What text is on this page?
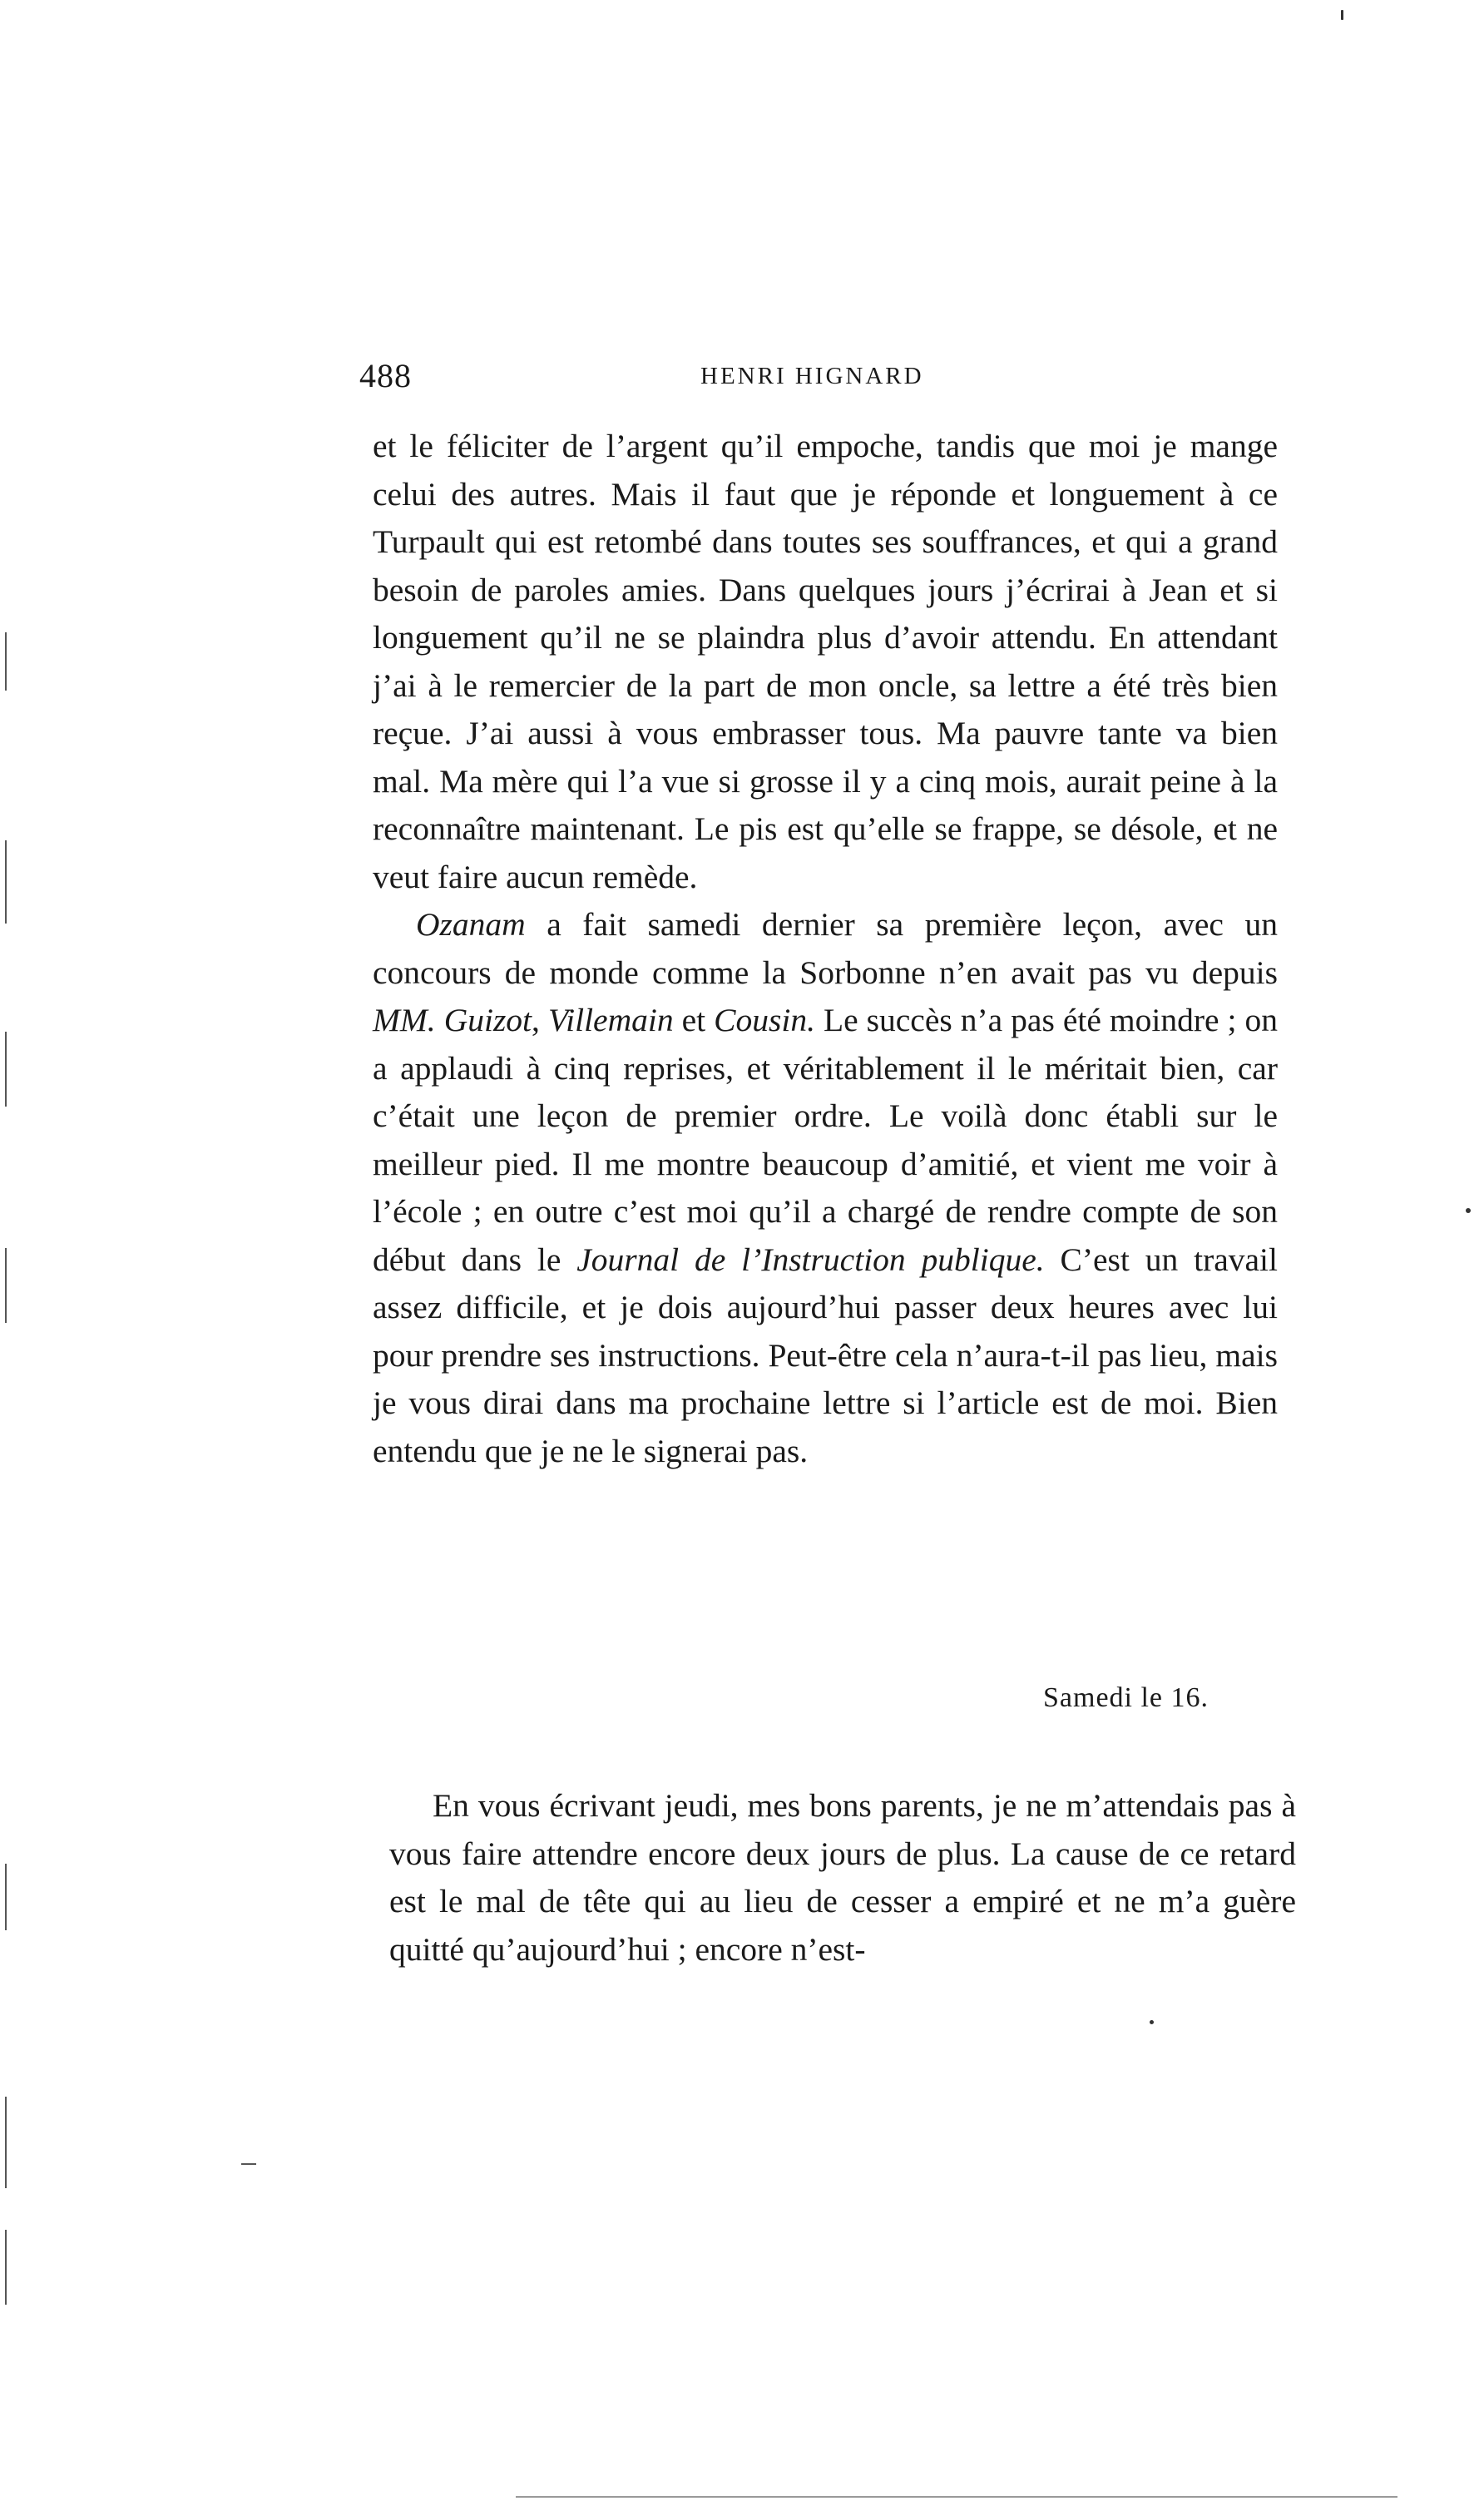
488	HENRI HIGNARD

et le féliciter de l’argent qu’il empoche, tandis que moi je mange celui des autres. Mais il faut que je réponde et longuement à ce Turpault qui est retombé dans toutes ses souffrances, et qui a grand besoin de paroles amies. Dans quelques jours j’écrirai à Jean et si longuement qu’il ne se plaindra plus d’avoir attendu. En attendant j’ai à le remercier de la part de mon oncle, sa lettre a été très bien reçue. J’ai aussi à vous embrasser tous. Ma pauvre tante va bien mal. Ma mère qui l’a vue si grosse il y a cinq mois, aurait peine à la reconnaître maintenant. Le pis est qu’elle se frappe, se désole, et ne veut faire aucun remède.

Ozanam a fait samedi dernier sa première leçon, avec un concours de monde comme la Sorbonne n’en avait pas vu depuis MM. Guizot, Villemain et Cousin. Le succès n’a pas été moindre ; on a applaudi à cinq reprises, et véritablement il le méritait bien, car c’était une leçon de premier ordre. Le voilà donc établi sur le meilleur pied. Il me montre beaucoup d’amitié, et vient me voir à l’école ; en outre c’est moi qu’il a chargé de rendre compte de son début dans le Journal de l’Instruction publique. C’est un travail assez difficile, et je dois aujourd’hui passer deux heures avec lui pour prendre ses instructions. Peut-être cela n’aura-t-il pas lieu, mais je vous dirai dans ma prochaine lettre si l’article est de moi. Bien entendu que je ne le signerai pas.

Samedi le 16.

En vous écrivant jeudi, mes bons parents, je ne m’attendais pas à vous faire attendre encore deux jours de plus. La cause de ce retard est le mal de tête qui au lieu de cesser a empiré et ne m’a guère quitté qu’aujourd’hui ; encore n’est-
